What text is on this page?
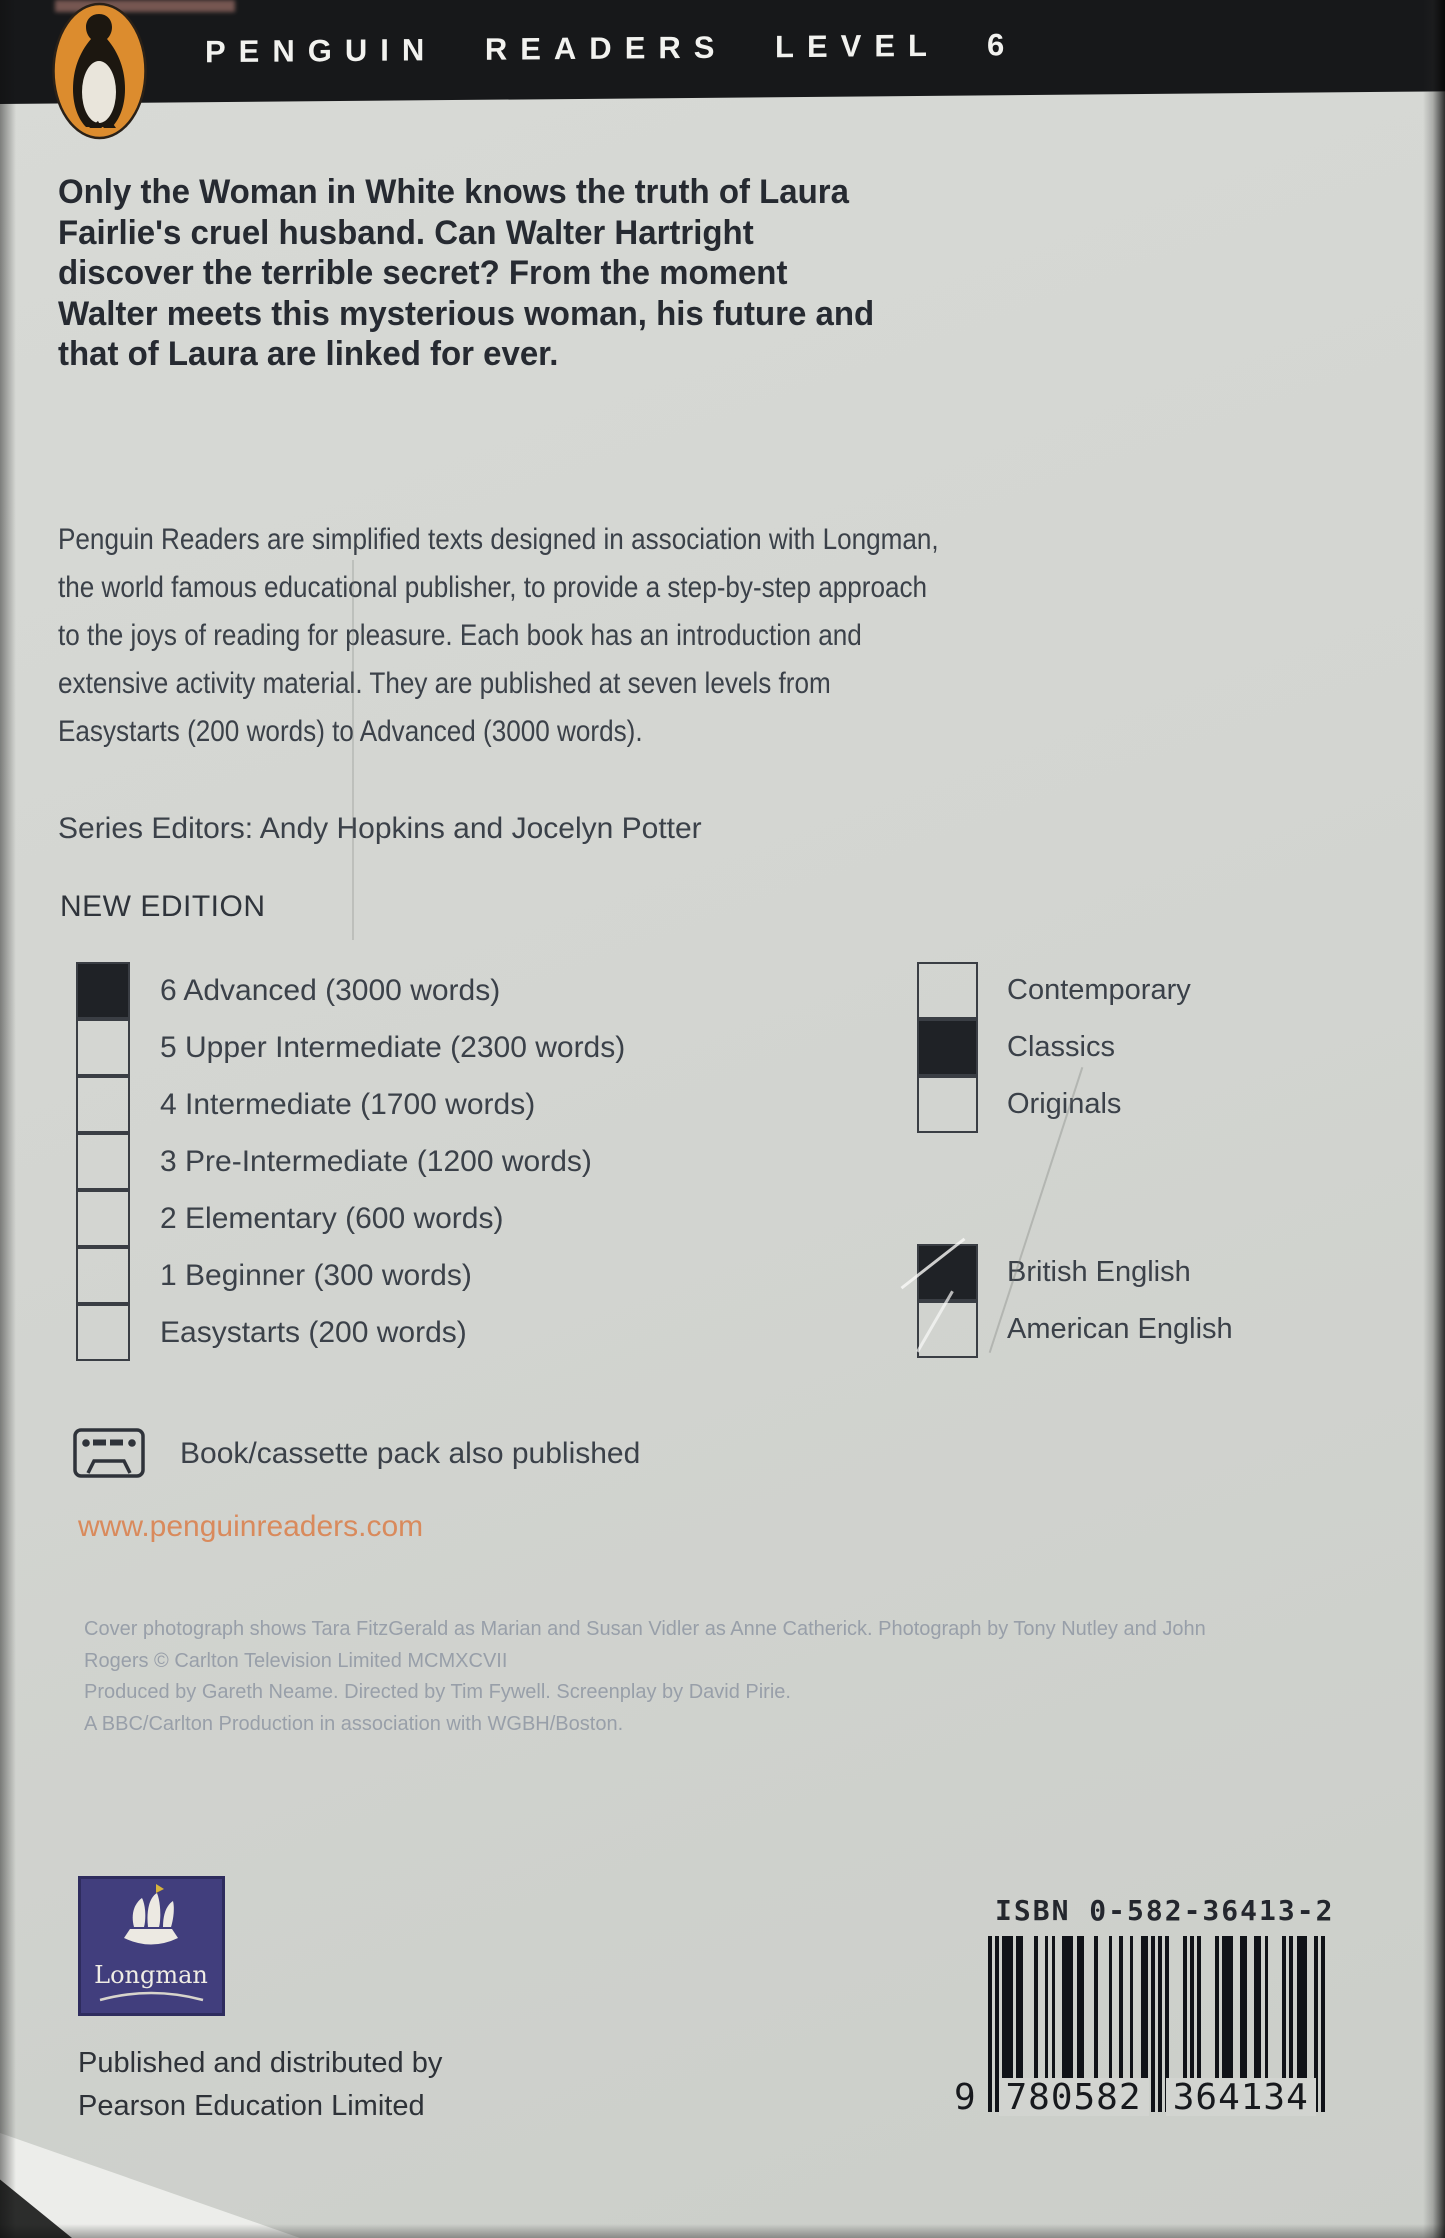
PENGUIN READERS LEVEL 6
Only the Woman in White knows the truth of Laura
Fairlie's cruel husband. Can Walter Hartright
discover the terrible secret? From the moment
Walter meets this mysterious woman, his future and
that of Laura are linked for ever.
Penguin Readers are simplified texts designed in association with Longman,
the world famous educational publisher, to provide a step-by-step approach
to the joys of reading for pleasure. Each book has an introduction and
extensive activity material. They are published at seven levels from
Easystarts (200 words) to Advanced (3000 words).
Series Editors: Andy Hopkins and Jocelyn Potter
NEW EDITION
6 Advanced (3000 words)
5 Upper Intermediate (2300 words)
4 Intermediate (1700 words)
3 Pre-Intermediate (1200 words)
2 Elementary (600 words)
1 Beginner (300 words)
Easystarts (200 words)
Contemporary
Classics
Originals
British English
American English
Book/cassette pack also published
www.penguinreaders.com
Cover photograph shows Tara FitzGerald as Marian and Susan Vidler as Anne Catherick. Photograph by Tony Nutley and John
Rogers © Carlton Television Limited MCMXCVII
Produced by Gareth Neame. Directed by Tim Fywell. Screenplay by David Pirie.
A BBC/Carlton Production in association with WGBH/Boston.
Longman
Published and distributed by
Pearson Education Limited
ISBN 0-582-36413-2
9 780582 364134
